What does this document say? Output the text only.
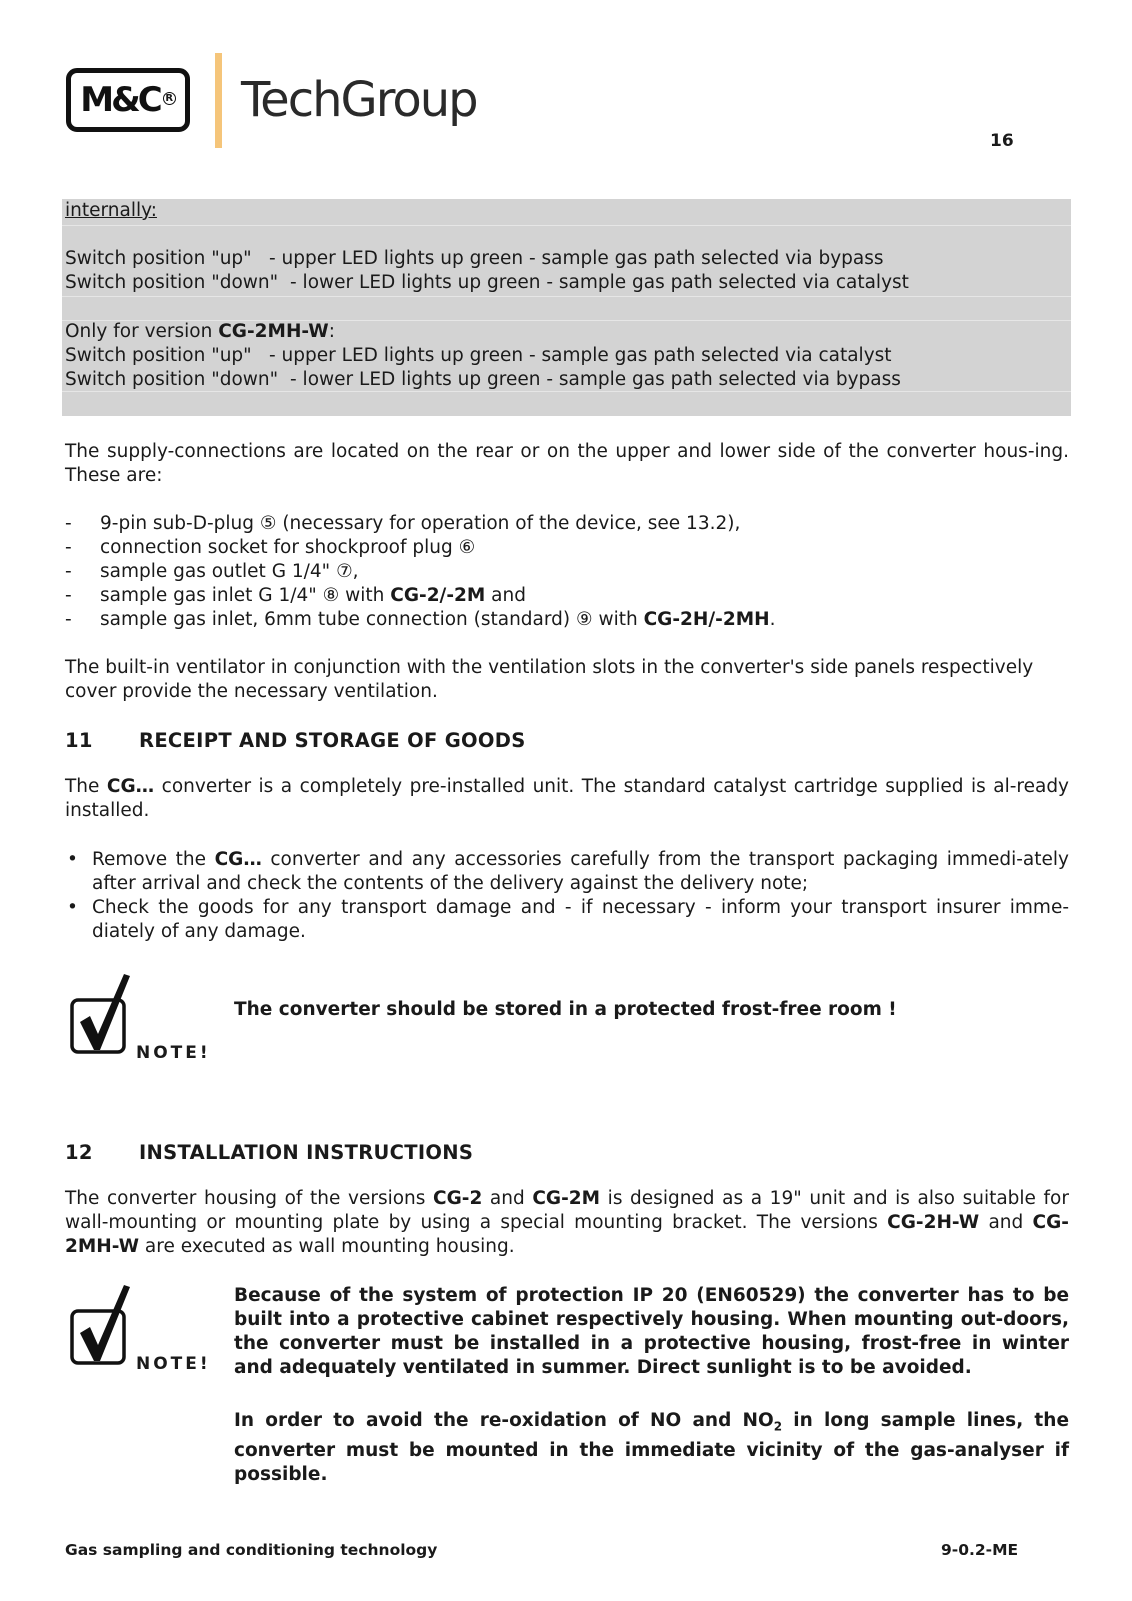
M&C R TechGroup
16
internally:
Switch position "up" - upper LED lights up green - sample gas path selected via bypass
Switch position "down" - lower LED lights up green - sample gas path selected via catalyst
Only for version CG-2MH-W:
Switch position "up" - upper LED lights up green - sample gas path selected via catalyst
Switch position "down" - lower LED lights up green - sample gas path selected via bypass

The supply-connections are located on the rear or on the upper and lower side of the converter hous-ing. These are:

- 9-pin sub-D-plug ⑤ (necessary for operation of the device, see 13.2),
- connection socket for shockproof plug ⑥
- sample gas outlet G 1/4" ⑦,
- sample gas inlet G 1/4" ⑧ with CG-2/-2M and
- sample gas inlet, 6mm tube connection (standard) ⑨ with CG-2H/-2MH.

The built-in ventilator in conjunction with the ventilation slots in the converter's side panels respectively cover provide the necessary ventilation.

11 RECEIPT AND STORAGE OF GOODS

The CG… converter is a completely pre-installed unit. The standard catalyst cartridge supplied is al-ready installed.

• Remove the CG… converter and any accessories carefully from the transport packaging immedi-ately after arrival and check the contents of the delivery against the delivery note;
• Check the goods for any transport damage and - if necessary - inform your transport insurer imme-diately of any damage.
NOTE!
The converter should be stored in a protected frost-free room !
12 INSTALLATION INSTRUCTIONS

The converter housing of the versions CG-2 and CG-2M is designed as a 19" unit and is also suitable for wall-mounting or mounting plate by using a special mounting bracket. The versions CG-2H-W and CG-2MH-W are executed as wall mounting housing.

NOTE!

Because of the system of protection IP 20 (EN60529) the converter has to be built into a protective cabinet respectively housing. When mounting out-doors, the converter must be installed in a protective housing, frost-free in winter and adequately ventilated in summer. Direct sunlight is to be avoided.

In order to avoid the re-oxidation of NO and $NO_2$ in long sample lines, the converter must be mounted in the immediate vicinity of the gas-analyser if possible.

Gas sampling and conditioning technology	9-0.2-ME
